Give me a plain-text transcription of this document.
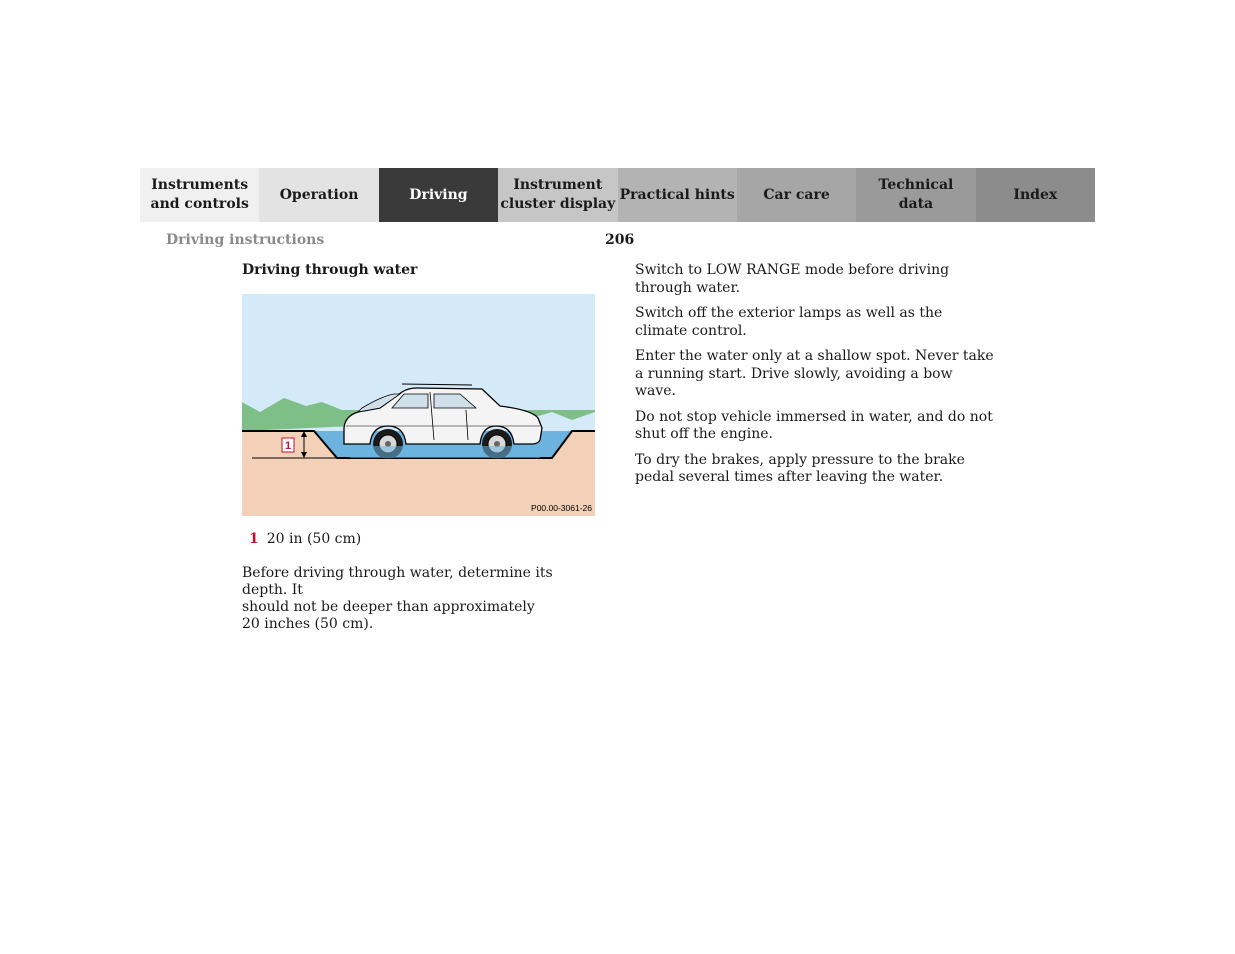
Instruments
and controls
Operation	Driving
Instrument
cluster display
Practical hints	Car care
Technical
data
Index
Driving instructions	206
Driving through water
1
P00.00-3061-26
1 20 in (50 cm)
Before driving through water, determine its depth. It
should not be deeper than approximately
20 inches (50 cm).

Switch to LOW RANGE mode before driving through water.

Switch off the exterior lamps as well as the climate control.

Enter the water only at a shallow spot. Never take a running start. Drive slowly, avoiding a bow wave.

Do not stop vehicle immersed in water, and do not shut off the engine.

To dry the brakes, apply pressure to the brake pedal several times after leaving the water.
